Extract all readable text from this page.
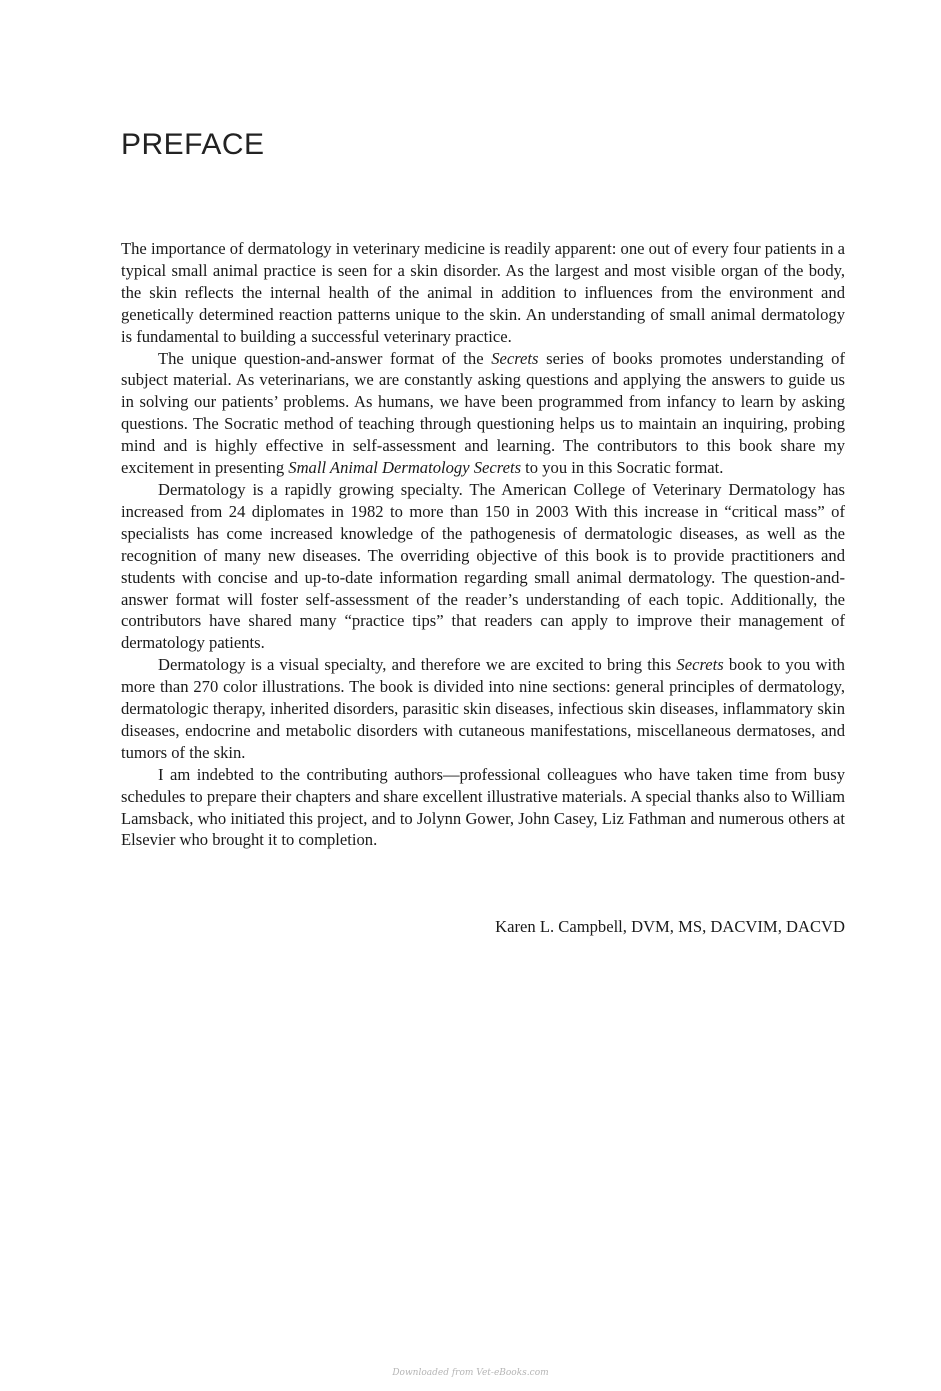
PREFACE

The importance of dermatology in veterinary medicine is readily apparent: one out of every four patients in a typical small animal practice is seen for a skin disorder. As the largest and most visible organ of the body, the skin reflects the internal health of the animal in addition to influences from the environment and genetically determined reaction patterns unique to the skin. An understanding of small animal dermatology is fundamental to building a successful veterinary practice.

The unique question-and-answer format of the Secrets series of books promotes understanding of subject material. As veterinarians, we are constantly asking questions and applying the answers to guide us in solving our patients’ problems. As humans, we have been programmed from infancy to learn by asking questions. The Socratic method of teaching through questioning helps us to maintain an inquiring, probing mind and is highly effective in self-assessment and learning. The contributors to this book share my excitement in presenting Small Animal Dermatology Secrets to you in this Socratic format.

Dermatology is a rapidly growing specialty. The American College of Veterinary Dermatology has increased from 24 diplomates in 1982 to more than 150 in 2003 With this increase in “critical mass” of specialists has come increased knowledge of the pathogenesis of dermatologic diseases, as well as the recognition of many new diseases. The overriding objective of this book is to provide practitioners and students with concise and up-to-date information regarding small animal dermatology. The question-and-answer format will foster self-assessment of the reader’s understanding of each topic. Additionally, the contributors have shared many “practice tips” that readers can apply to improve their management of dermatology patients.

Dermatology is a visual specialty, and therefore we are excited to bring this Secrets book to you with more than 270 color illustrations. The book is divided into nine sections: general principles of dermatology, dermatologic therapy, inherited disorders, parasitic skin diseases, infectious skin diseases, inflammatory skin diseases, endocrine and metabolic disorders with cutaneous manifestations, miscellaneous dermatoses, and tumors of the skin.

I am indebted to the contributing authors—professional colleagues who have taken time from busy schedules to prepare their chapters and share excellent illustrative materials. A special thanks also to William Lamsback, who initiated this project, and to Jolynn Gower, John Casey, Liz Fathman and numerous others at Elsevier who brought it to completion.

Karen L. Campbell, DVM, MS, DACVIM, DACVD
Downloaded from Vet-eBooks.com
